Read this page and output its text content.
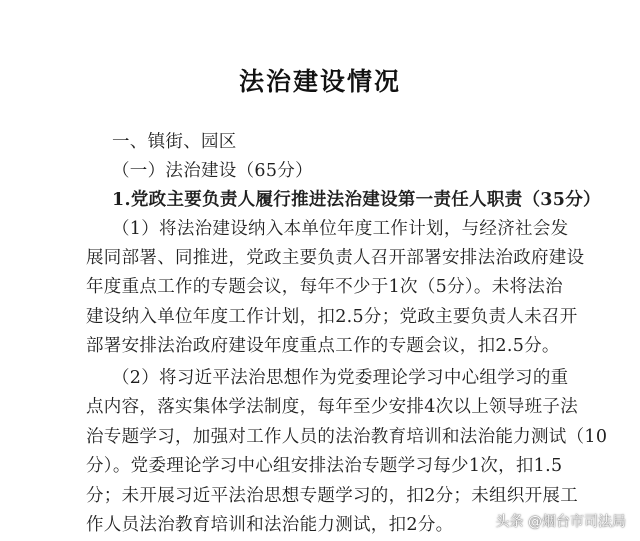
法治建设情况
一、镇街、园区
（一）法治建设（65分）
1.党政主要负责人履行推进法治建设第一责任人职责（35分）
（1）将法治建设纳入本单位年度工作计划，与经济社会发
展同部署、同推进，党政主要负责人召开部署安排法治政府建设
年度重点工作的专题会议，每年不少于1次（5分）。未将法治
建设纳入单位年度工作计划，扣2.5分；党政主要负责人未召开
部署安排法治政府建设年度重点工作的专题会议，扣2.5分。
（2）将习近平法治思想作为党委理论学习中心组学习的重
点内容，落实集体学法制度，每年至少安排4次以上领导班子法
治专题学习，加强对工作人员的法治教育培训和法治能力测试（10
分）。党委理论学习中心组安排法治专题学习每少1次，扣1.5
分；未开展习近平法治思想专题学习的，扣2分；未组织开展工
作人员法治教育培训和法治能力测试，扣2分。	头条 @烟台市司法局
